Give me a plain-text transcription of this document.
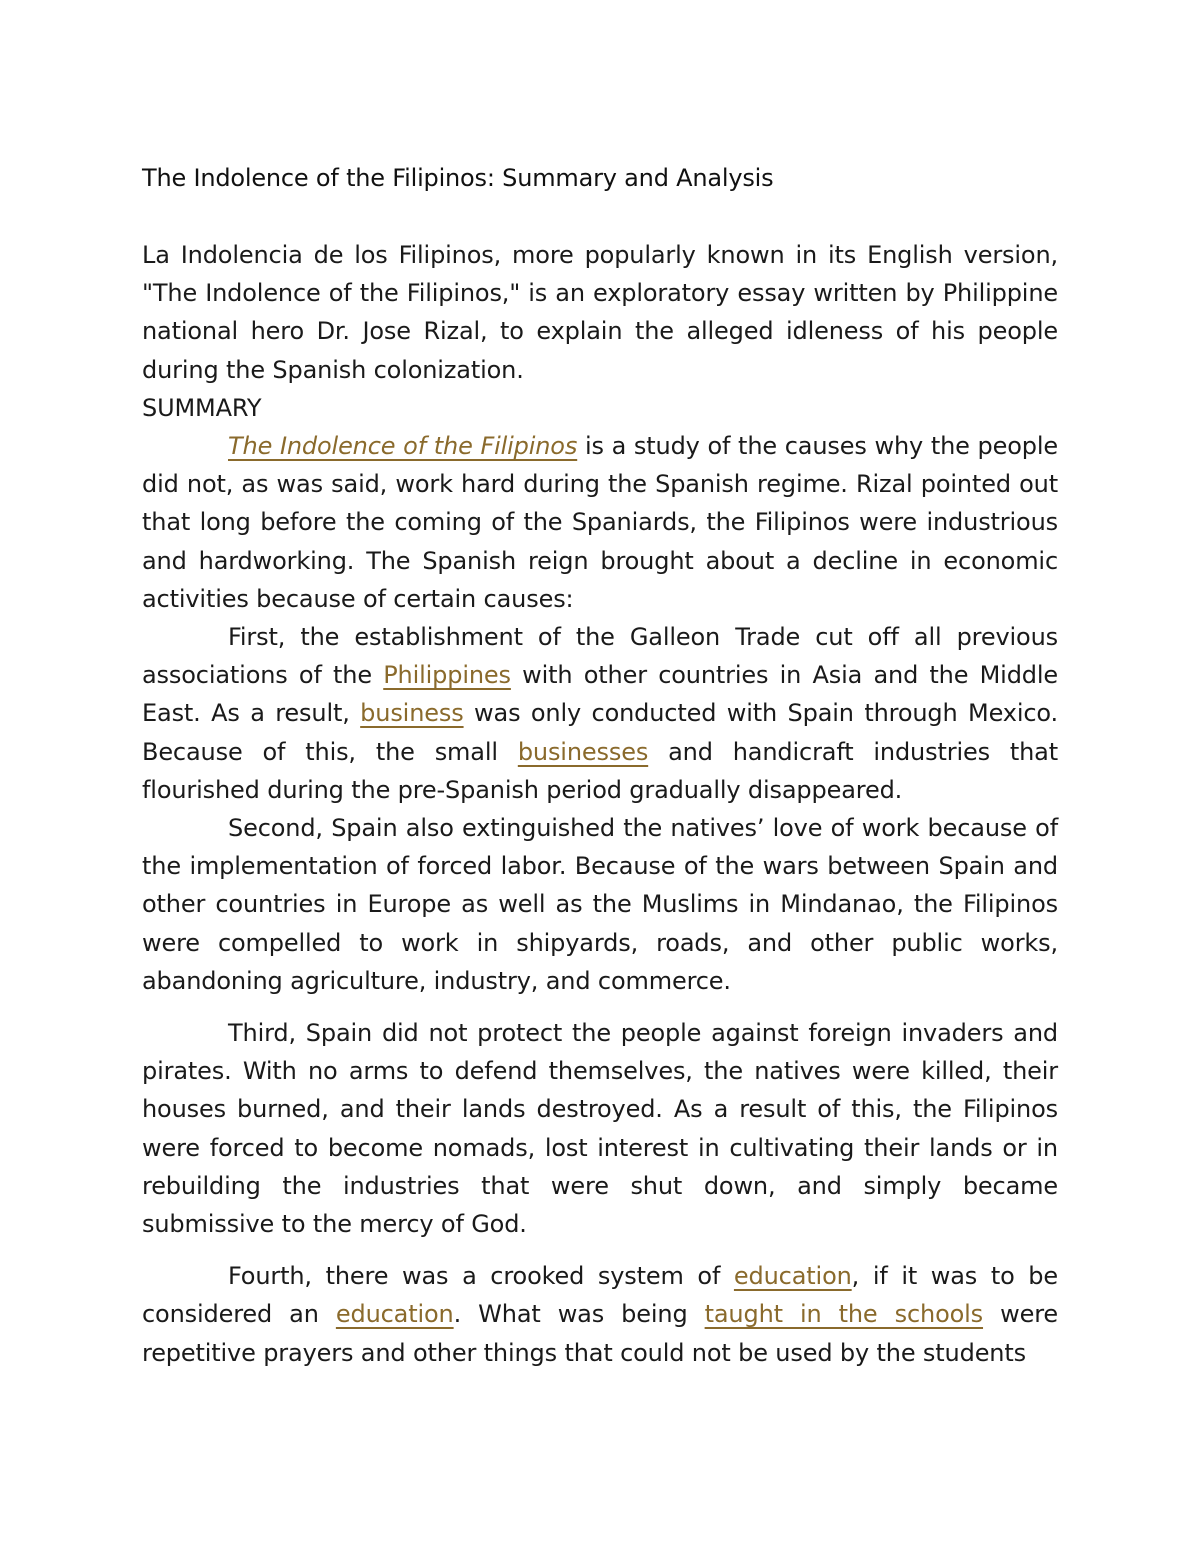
The Indolence of the Filipinos: Summary and Analysis

La Indolencia de los Filipinos, more popularly known in its English version, "The Indolence of the Filipinos," is an exploratory essay written by Philippine national hero Dr. Jose Rizal, to explain the alleged idleness of his people during the Spanish colonization.

SUMMARY

The Indolence of the Filipinos is a study of the causes why the people did not, as was said, work hard during the Spanish regime. Rizal pointed out that long before the coming of the Spaniards, the Filipinos were industrious and hardworking. The Spanish reign brought about a decline in economic activities because of certain causes:

First, the establishment of the Galleon Trade cut off all previous associations of the Philippines with other countries in Asia and the Middle East. As a result, business was only conducted with Spain through Mexico. Because of this, the small businesses and handicraft industries that flourished during the pre-Spanish period gradually disappeared.

Second, Spain also extinguished the natives’ love of work because of the implementation of forced labor. Because of the wars between Spain and other countries in Europe as well as the Muslims in Mindanao, the Filipinos were compelled to work in shipyards, roads, and other public works, abandoning agriculture, industry, and commerce.

Third, Spain did not protect the people against foreign invaders and pirates. With no arms to defend themselves, the natives were killed, their houses burned, and their lands destroyed. As a result of this, the Filipinos were forced to become nomads, lost interest in cultivating their lands or in rebuilding the industries that were shut down, and simply became submissive to the mercy of God.

Fourth, there was a crooked system of education, if it was to be considered an education. What was being taught in the schools were repetitive prayers and other things that could not be used by the students
